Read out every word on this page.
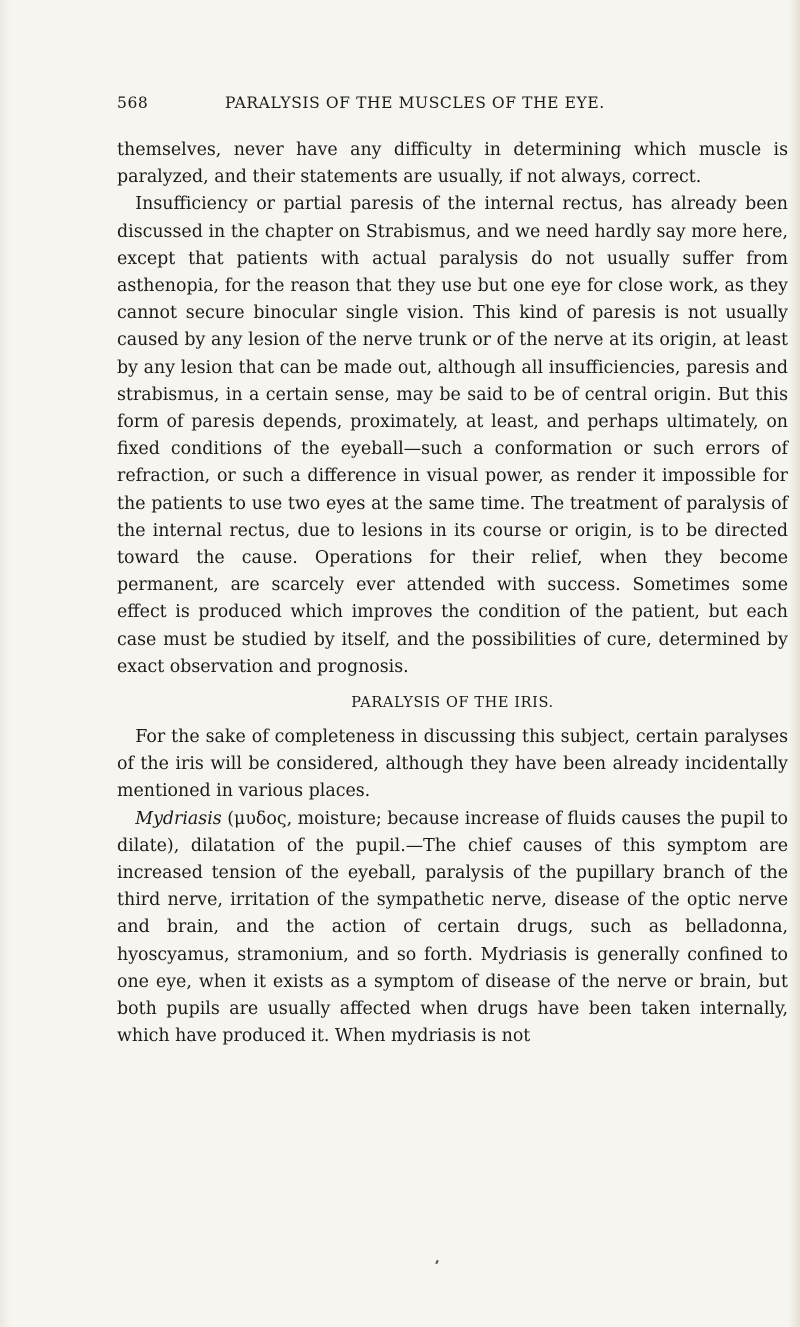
568	PARALYSIS OF THE MUSCLES OF THE EYE.

themselves, never have any difficulty in determining which muscle is paralyzed, and their statements are usually, if not always, correct.

Insufficiency or partial paresis of the internal rectus, has already been discussed in the chapter on Strabismus, and we need hardly say more here, except that patients with actual paralysis do not usually suffer from asthenopia, for the reason that they use but one eye for close work, as they cannot secure binocular single vision. This kind of paresis is not usually caused by any lesion of the nerve trunk or of the nerve at its origin, at least by any lesion that can be made out, although all insufficiencies, paresis and strabismus, in a certain sense, may be said to be of central origin. But this form of paresis depends, proximately, at least, and perhaps ultimately, on fixed conditions of the eyeball—such a conformation or such errors of refraction, or such a difference in visual power, as render it impossible for the patients to use two eyes at the same time. The treatment of paralysis of the internal rectus, due to lesions in its course or origin, is to be directed toward the cause. Operations for their relief, when they become permanent, are scarcely ever attended with success. Sometimes some effect is produced which improves the condition of the patient, but each case must be studied by itself, and the possibilities of cure, determined by exact observation and prognosis.

PARALYSIS OF THE IRIS.

For the sake of completeness in discussing this subject, certain paralyses of the iris will be considered, although they have been already incidentally mentioned in various places.

Mydriasis (μυδος, moisture; because increase of fluids causes the pupil to dilate), dilatation of the pupil.—The chief causes of this symptom are increased tension of the eyeball, paralysis of the pupillary branch of the third nerve, irritation of the sympathetic nerve, disease of the optic nerve and brain, and the action of certain drugs, such as belladonna, hyoscyamus, stramonium, and so forth. Mydriasis is generally confined to one eye, when it exists as a symptom of disease of the nerve or brain, but both pupils are usually affected when drugs have been taken internally, which have produced it. When mydriasis is not
